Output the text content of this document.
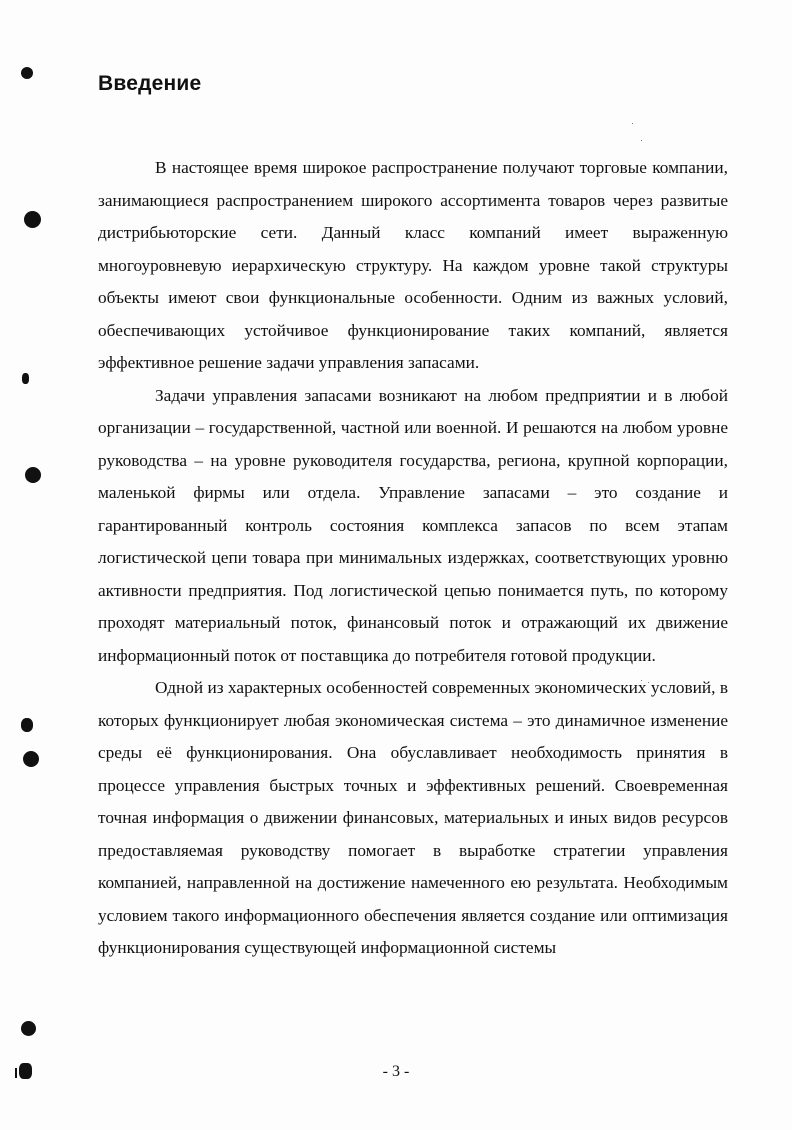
Введение

В настоящее время широкое распространение получают торговые компании, занимающиеся распространением широкого ассортимента товаров через развитые дистрибьюторские сети. Данный класс компаний имеет выраженную многоуровневую иерархическую структуру. На каждом уровне такой структуры объекты имеют свои функциональные особенности. Одним из важных условий, обеспечивающих устойчивое функционирование таких компаний, является эффективное решение задачи управления запасами.

Задачи управления запасами возникают на любом предприятии и в любой организации – государственной, частной или военной. И решаются на любом уровне руководства – на уровне руководителя государства, региона, крупной корпорации, маленькой фирмы или отдела. Управление запасами – это создание и гарантированный контроль состояния комплекса запасов по всем этапам логистической цепи товара при минимальных издержках, соответствующих уровню активности предприятия. Под логистической цепью понимается путь, по которому проходят материальный поток, финансовый поток и отражающий их движение информационный поток от поставщика до потребителя готовой продукции.

Одной из характерных особенностей современных экономических условий, в которых функционирует любая экономическая система – это динамичное изменение среды её функционирования. Она обуславливает необходимость принятия в процессе управления быстрых точных и эффективных решений. Своевременная точная информация о движении финансовых, материальных и иных видов ресурсов предоставляемая руководству помогает в выработке стратегии управления компанией, направленной на достижение намеченного ею результата. Необходимым условием такого информационного обеспечения является создание или оптимизация функционирования существующей информационной системы

- 3 -
